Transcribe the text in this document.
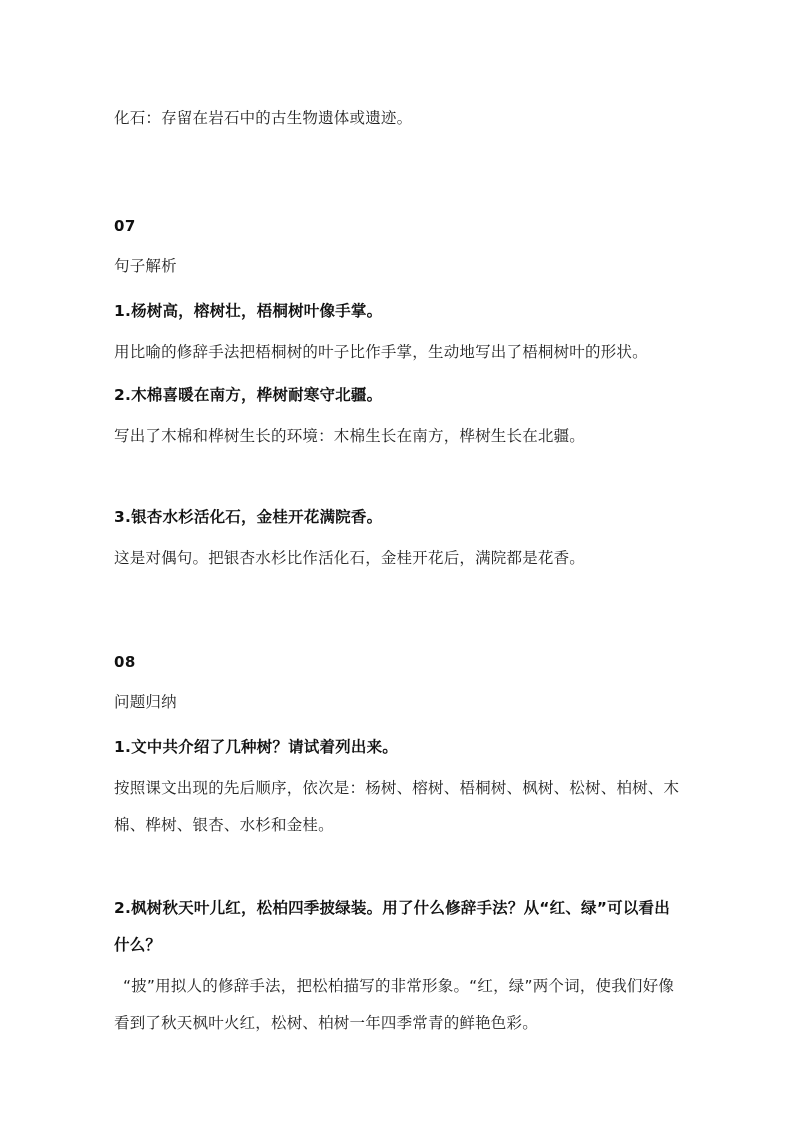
化石：存留在岩石中的古生物遗体或遗迹。

07

句子解析

1.杨树高，榕树壮，梧桐树叶像手掌。

用比喻的修辞手法把梧桐树的叶子比作手掌，生动地写出了梧桐树叶的形状。

2.木棉喜暖在南方，桦树耐寒守北疆。

写出了木棉和桦树生长的环境：木棉生长在南方，桦树生长在北疆。

3.银杏水杉活化石，金桂开花满院香。

这是对偶句。把银杏水杉比作活化石，金桂开花后，满院都是花香。

08

问题归纳

1.文中共介绍了几种树？请试着列出来。

按照课文出现的先后顺序，依次是：杨树、榕树、梧桐树、枫树、松树、柏树、木棉、桦树、银杏、水杉和金桂。

2.枫树秋天叶儿红，松柏四季披绿装。用了什么修辞手法？从“红、绿”可以看出什么？

“披”用拟人的修辞手法，把松柏描写的非常形象。“红，绿”两个词，使我们好像看到了秋天枫叶火红，松树、柏树一年四季常青的鲜艳色彩。
